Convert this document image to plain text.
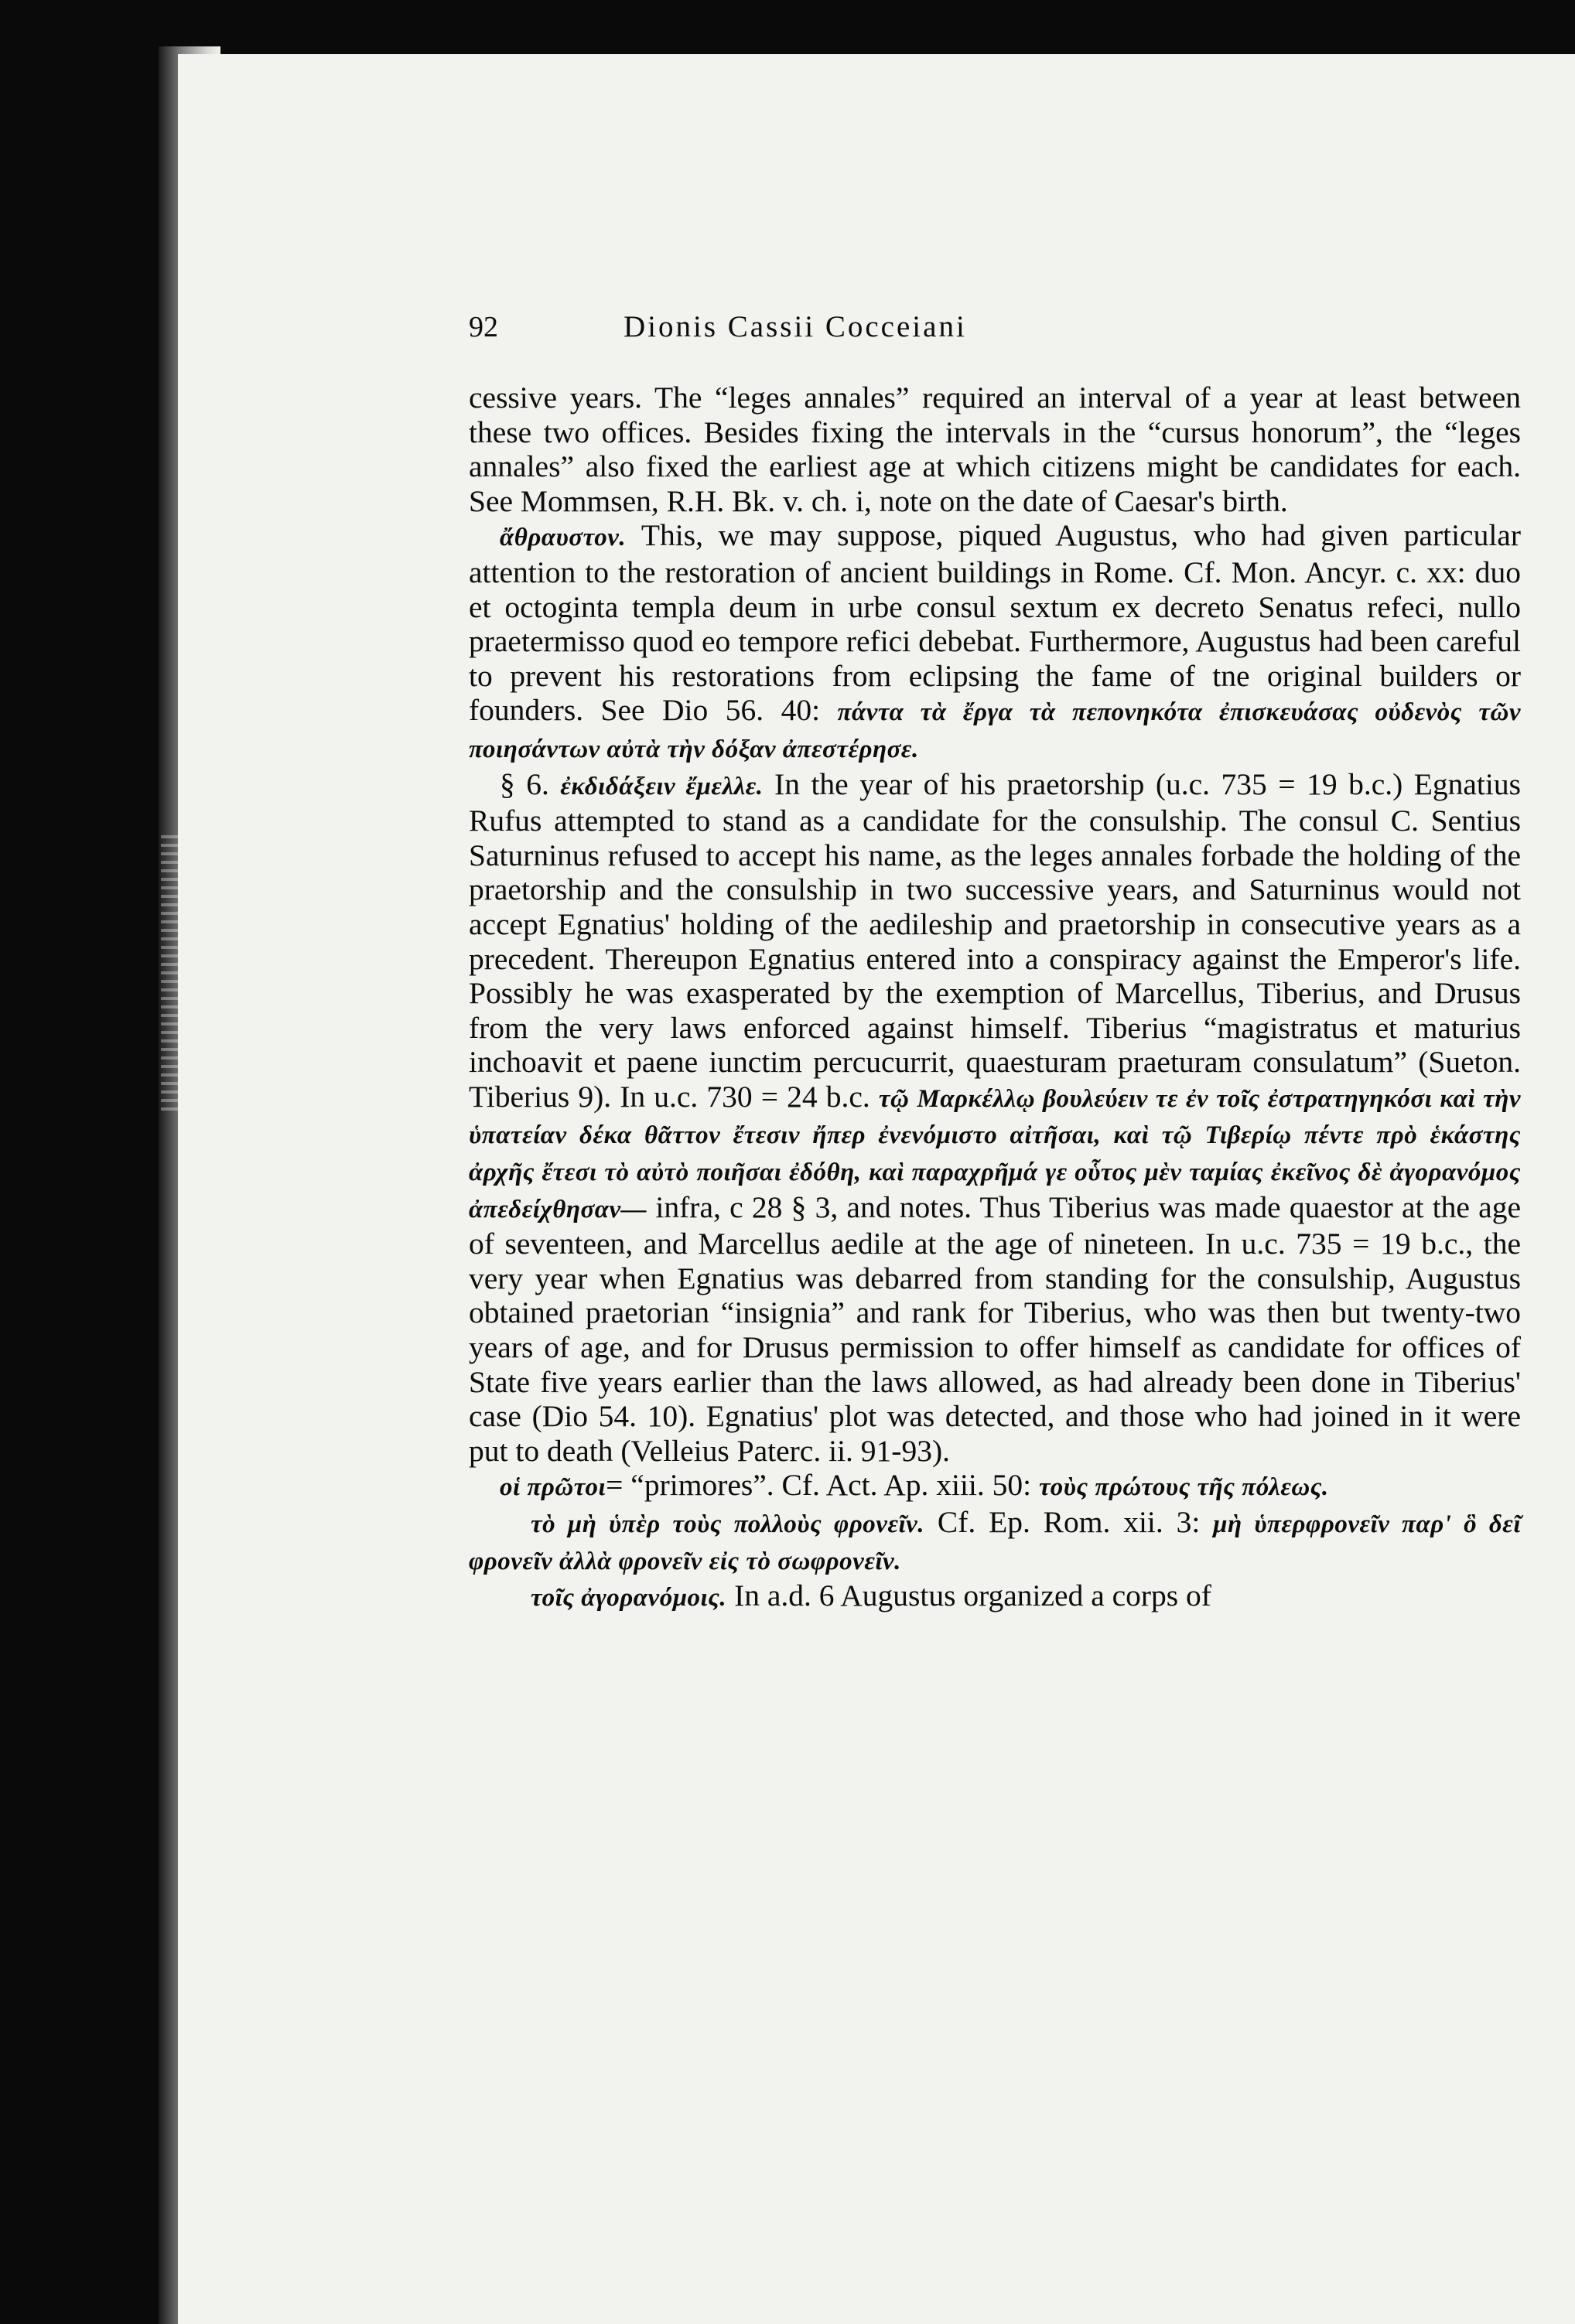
92	Dionis Cassii Cocceiani

cessive years. The “leges annales” required an interval of a year at least between these two offices. Besides fixing the intervals in the “cursus honorum”, the “leges annales” also fixed the earliest age at which citizens might be candidates for each. See Mommsen, R.H. Bk. v. ch. i, note on the date of Caesar's birth.

ἄθραυστον. This, we may suppose, piqued Augustus, who had given particular attention to the restoration of ancient buildings in Rome. Cf. Mon. Ancyr. c. xx: duo et octoginta templa deum in urbe consul sextum ex decreto Senatus refeci, nullo praetermisso quod eo tempore refici debebat. Furthermore, Augustus had been careful to prevent his restorations from eclipsing the fame of tne original builders or founders. See Dio 56. 40: πάντα τὰ ἔργα τὰ πεπονηκότα ἐπισκευάσας οὐδενὸς τῶν ποιησάντων αὐτὰ τὴν δόξαν ἀπεστέρησε.

§ 6. ἐκδιδάξειν ἔμελλε. In the year of his praetorship (u.c. 735 = 19 b.c.) Egnatius Rufus attempted to stand as a candidate for the consulship. The consul C. Sentius Saturninus refused to accept his name, as the leges annales forbade the holding of the praetorship and the consulship in two successive years, and Saturninus would not accept Egnatius' holding of the aedileship and praetorship in consecutive years as a precedent. Thereupon Egnatius entered into a conspiracy against the Emperor's life. Possibly he was exasperated by the exemption of Marcellus, Tiberius, and Drusus from the very laws enforced against himself. Tiberius “magistratus et maturius inchoavit et paene iunctim percucurrit, quaesturam praeturam consulatum” (Sueton. Tiberius 9). In u.c. 730 = 24 b.c. τῷ Μαρκέλλῳ βουλεύειν τε ἐν τοῖς ἐστρατηγηκόσι καὶ τὴν ὑπατείαν δέκα θᾶττον ἔτεσιν ἤπερ ἐνενόμιστο αἰτῆσαι, καὶ τῷ Τιβερίῳ πέντε πρὸ ἑκάστης ἀρχῆς ἔτεσι τὸ αὐτὸ ποιῆσαι ἐδόθη, καὶ παραχρῆμά γε οὗτος μὲν ταμίας ἐκεῖνος δὲ ἀγορανόμος ἀπεδείχθησαν— infra, c 28 § 3, and notes. Thus Tiberius was made quaestor at the age of seventeen, and Marcellus aedile at the age of nineteen. In u.c. 735 = 19 b.c., the very year when Egnatius was debarred from standing for the consulship, Augustus obtained praetorian “insignia” and rank for Tiberius, who was then but twenty-two years of age, and for Drusus permission to offer himself as candidate for offices of State five years earlier than the laws allowed, as had already been done in Tiberius' case (Dio 54. 10). Egnatius' plot was detected, and those who had joined in it were put to death (Velleius Paterc. ii. 91-93).

οἱ πρῶτοι= “primores”. Cf. Act. Ap. xiii. 50: τοὺς πρώτους τῆς πόλεως.

τὸ μὴ ὑπὲρ τοὺς πολλοὺς φρονεῖν. Cf. Ep. Rom. xii. 3: μὴ ὑπερφρονεῖν παρ' ὃ δεῖ φρονεῖν ἀλλὰ φρονεῖν εἰς τὸ σωφρονεῖν.

τοῖς ἀγορανόμοις. In a.d. 6 Augustus organized a corps of
